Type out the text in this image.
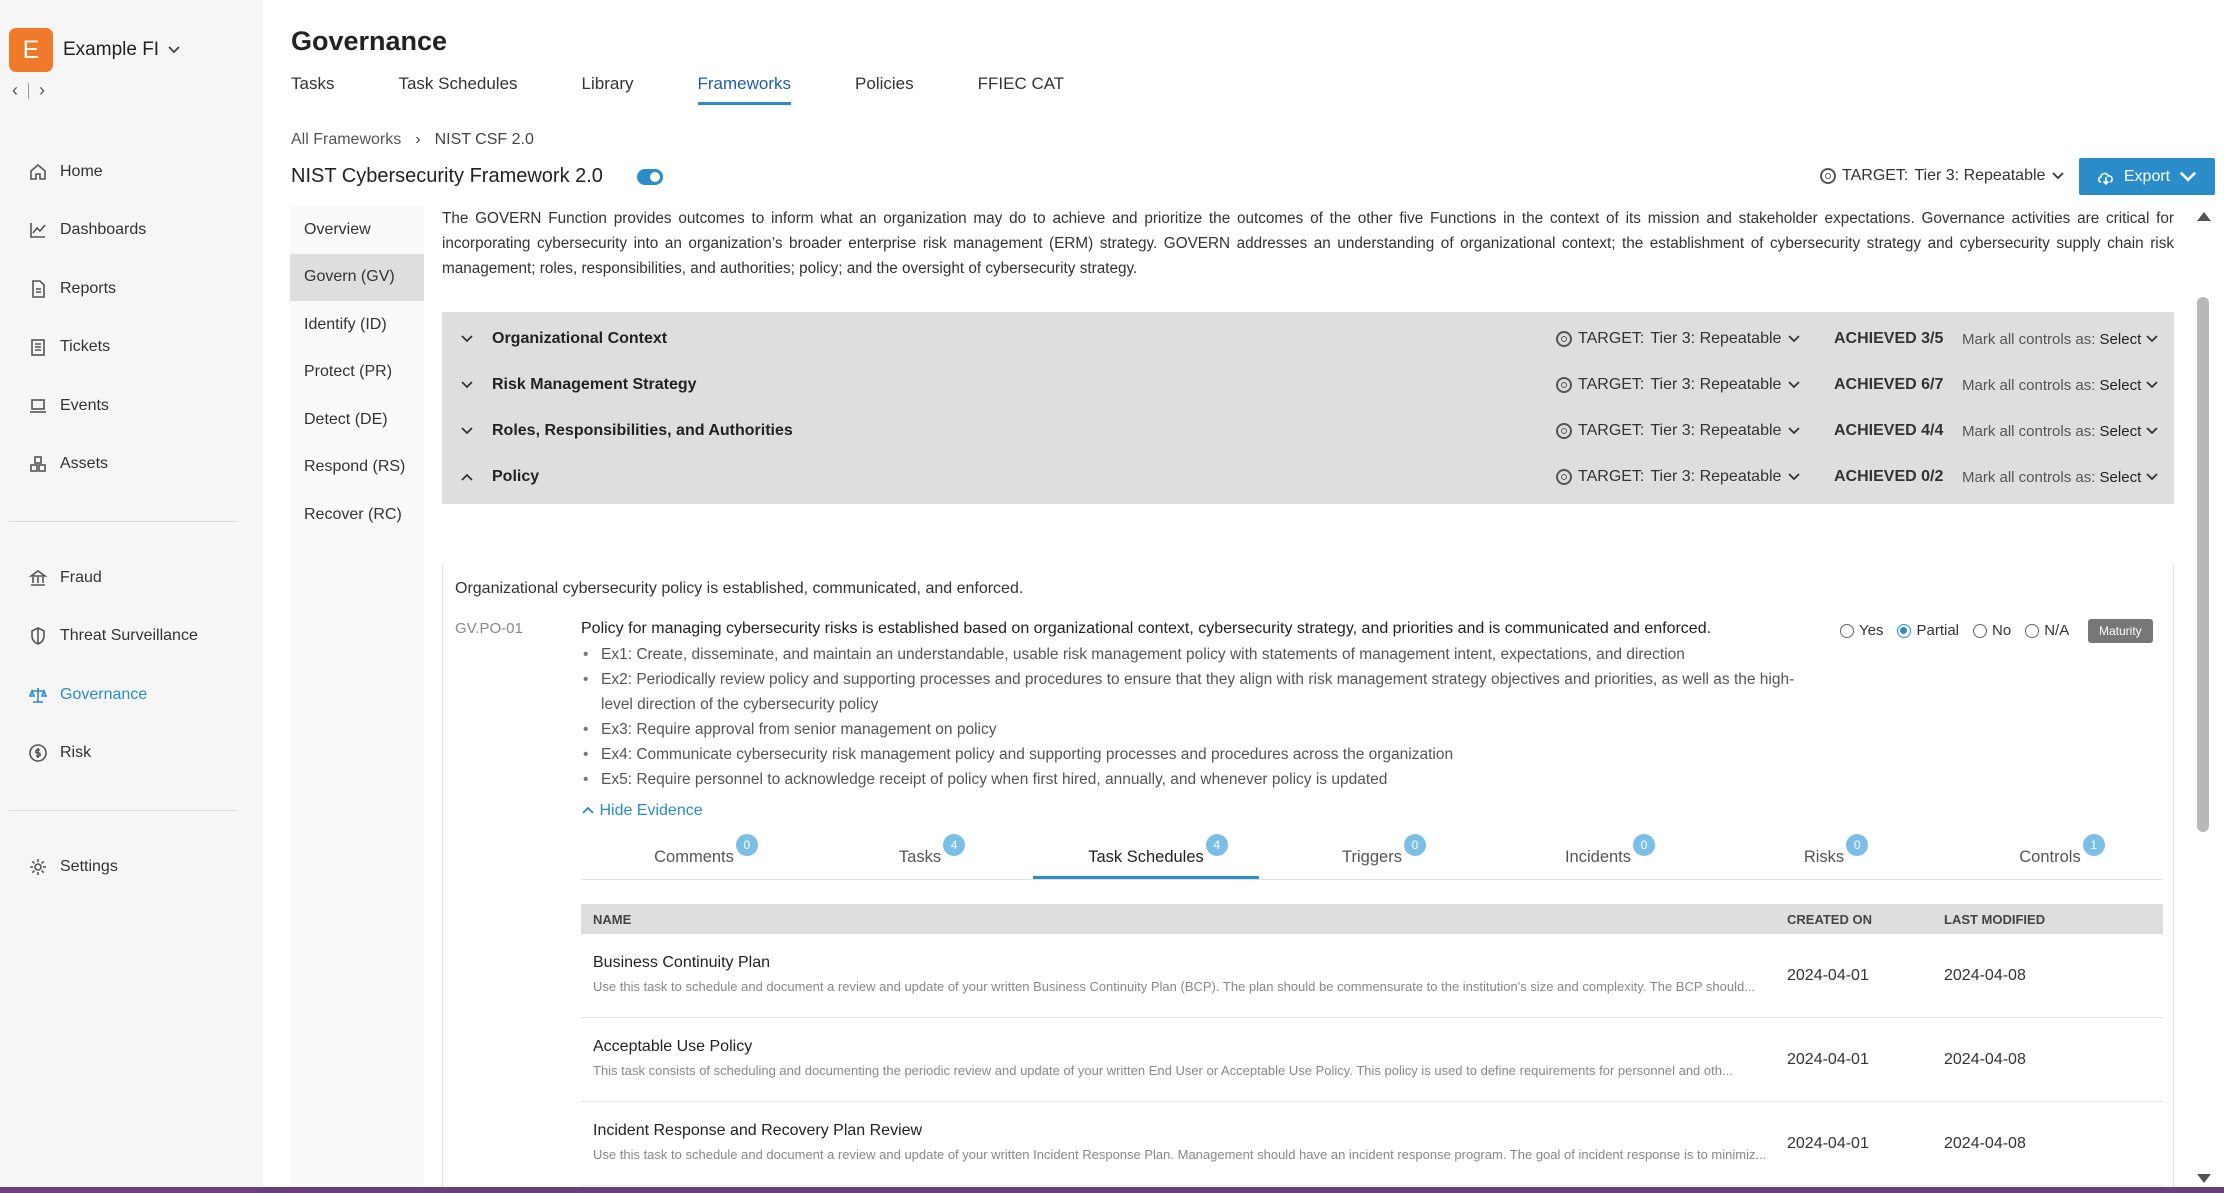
E	Example FI
‹ ›
Home
Dashboards
Reports
Tickets
Events
Assets
Fraud
Threat Surveillance
Governance
Risk
Settings
Governance
Tasks	Task Schedules	Library	Frameworks	Policies	FFIEC CAT
All Frameworks › NIST CSF 2.0
NIST Cybersecurity Framework 2.0	TARGET: Tier 3: Repeatable	Export
Overview
Govern (GV)
Identify (ID)
Protect (PR)
Detect (DE)
Respond (RS)
Recover (RC)

The GOVERN Function provides outcomes to inform what an organization may do to achieve and prioritize the outcomes of the other five Functions in the context of its mission and stakeholder expectations. Governance activities are critical for incorporating cybersecurity into an organization’s broader enterprise risk management (ERM) strategy. GOVERN addresses an understanding of organizational context; the establishment of cybersecurity strategy and cybersecurity supply chain risk management; roles, responsibilities, and authorities; policy; and the oversight of cybersecurity strategy.

Organizational Context	TARGET: Tier 3: Repeatable	ACHIEVED 3/5	Mark all controls as: Select
Risk Management Strategy	TARGET: Tier 3: Repeatable	ACHIEVED 6/7	Mark all controls as: Select
Roles, Responsibilities, and Authorities	TARGET: Tier 3: Repeatable	ACHIEVED 4/4	Mark all controls as: Select
Policy	TARGET: Tier 3: Repeatable	ACHIEVED 0/2	Mark all controls as: Select
Organizational cybersecurity policy is established, communicated, and enforced.
GV.PO-01	Policy for managing cybersecurity risks is established based on organizational context, cybersecurity strategy, and priorities and is communicated and enforced.
• Ex1: Create, disseminate, and maintain an understandable, usable risk management policy with statements of management intent, expectations, and direction
• Ex2: Periodically review policy and supporting processes and procedures to ensure that they align with risk management strategy objectives and priorities, as well as the high-level direction of the cybersecurity policy
• Ex3: Require approval from senior management on policy
• Ex4: Communicate cybersecurity risk management policy and supporting processes and procedures across the organization
• Ex5: Require personnel to acknowledge receipt of policy when first hired, annually, and whenever policy is updated
Yes Partial No N/A	Maturity
Hide Evidence
Comments
0
Tasks
4
Task Schedules
4
Triggers
0
Incidents
0
Risks
0
Controls
1
NAME	CREATED ON	LAST MODIFIED
Business Continuity Plan
Use this task to schedule and document a review and update of your written Business Continuity Plan (BCP). The plan should be commensurate to the institution's size and complexity. The BCP should...
2024-04-01	2024-04-08
Acceptable Use Policy
This task consists of scheduling and documenting the periodic review and update of your written End User or Acceptable Use Policy. This policy is used to define requirements for personnel and oth...
2024-04-01	2024-04-08
Incident Response and Recovery Plan Review
Use this task to schedule and document a review and update of your written Incident Response Plan. Management should have an incident response program. The goal of incident response is to minimiz...
2024-04-01	2024-04-08
